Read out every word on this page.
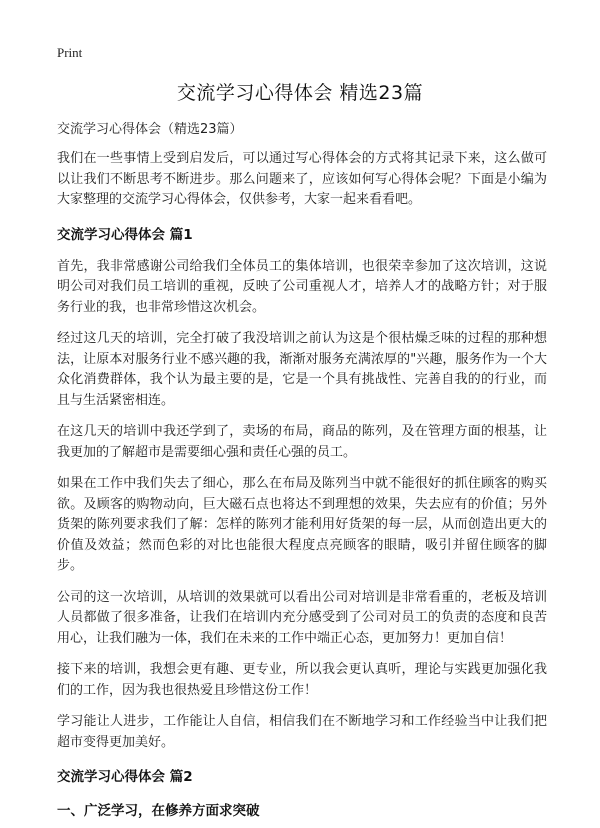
Print
交流学习心得体会 精选23篇

交流学习心得体会（精选23篇）

我们在一些事情上受到启发后，可以通过写心得体会的方式将其记录下来，这么做可以让我们不断思考不断进步。那么问题来了，应该如何写心得体会呢？下面是小编为大家整理的交流学习心得体会，仅供参考，大家一起来看看吧。

交流学习心得体会 篇1

首先，我非常感谢公司给我们全体员工的集体培训，也很荣幸参加了这次培训，这说明公司对我们员工培训的重视，反映了公司重视人才，培养人才的战略方针；对于服务行业的我，也非常珍惜这次机会。

经过这几天的培训，完全打破了我没培训之前认为这是个很枯燥乏味的过程的那种想法，让原本对服务行业不感兴趣的我，渐渐对服务充满浓厚的"兴趣，服务作为一个大众化消费群体，我个认为最主要的是，它是一个具有挑战性、完善自我的的行业，而且与生活紧密相连。

在这几天的培训中我还学到了，卖场的布局，商品的陈列，及在管理方面的根基，让我更加的了解超市是需要细心强和责任心强的员工。

如果在工作中我们失去了细心，那么在布局及陈列当中就不能很好的抓住顾客的购买欲。及顾客的购物动向，巨大磁石点也将达不到理想的效果，失去应有的价值；另外货架的陈列要求我们了解：怎样的陈列才能利用好货架的每一层，从而创造出更大的价值及效益；然而色彩的对比也能很大程度点亮顾客的眼睛，吸引并留住顾客的脚步。

公司的这一次培训，从培训的效果就可以看出公司对培训是非常看重的，老板及培训人员都做了很多准备，让我们在培训内充分感受到了公司对员工的负责的态度和良苦用心，让我们融为一体，我们在未来的工作中端正心态，更加努力！更加自信！

接下来的培训，我想会更有趣、更专业，所以我会更认真听，理论与实践更加强化我们的工作，因为我也很热爱且珍惜这份工作！

学习能让人进步，工作能让人自信，相信我们在不断地学习和工作经验当中让我们把超市变得更加美好。

交流学习心得体会 篇2
一、广泛学习，在修养方面求突破
